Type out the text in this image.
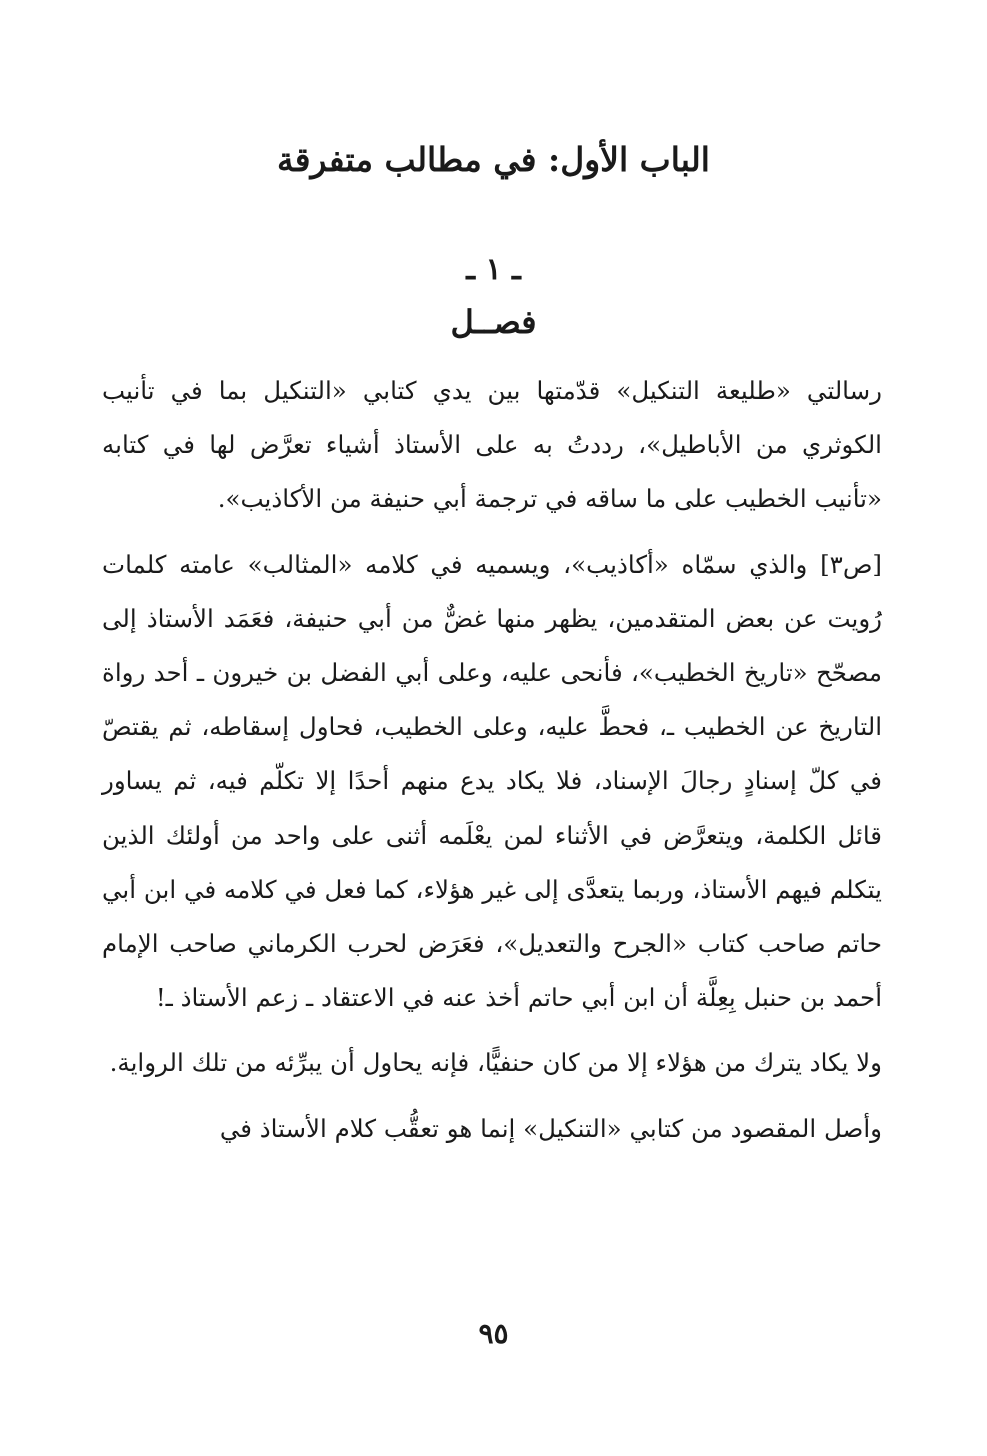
الباب الأول: في مطالب متفرقة
ـ ١ ـ
فصــل

رسالتي «طليعة التنكيل» قدّمتها بين يدي كتابي «التنكيل بما في تأنيب الكوثري من الأباطيل»، رددتُ به على الأستاذ أشياء تعرَّض لها في كتابه «تأنيب الخطيب على ما ساقه في ترجمة أبي حنيفة من الأكاذيب».

[ص٣] والذي سمّاه «أكاذيب»، ويسميه في كلامه «المثالب» عامته كلمات رُويت عن بعض المتقدمين، يظهر منها غضٌّ من أبي حنيفة، فعَمَد الأستاذ إلى مصحّح «تاريخ الخطيب»، فأنحى عليه، وعلى أبي الفضل بن خيرون ـ أحد رواة التاريخ عن الخطيب ـ، فحطَّ عليه، وعلى الخطيب، فحاول إسقاطه، ثم يقتصّ في كلّ إسنادٍ رجالَ الإسناد، فلا يكاد يدع منهم أحدًا إلا تكلّم فيه، ثم يساور قائل الكلمة، ويتعرَّض في الأثناء لمن يعْلَمه أثنى على واحد من أولئك الذين يتكلم فيهم الأستاذ، وربما يتعدَّى إلى غير هؤلاء، كما فعل في كلامه في ابن أبي حاتم صاحب كتاب «الجرح والتعديل»، فعَرَض لحرب الكرماني صاحب الإمام أحمد بن حنبل بِعِلَّة أن ابن أبي حاتم أخذ عنه في الاعتقاد ـ زعم الأستاذ ـ!

ولا يكاد يترك من هؤلاء إلا من كان حنفيًّا، فإنه يحاول أن يبرِّئه من تلك الرواية.

وأصل المقصود من كتابي «التنكيل» إنما هو تعقُّب كلام الأستاذ في

٩٥
